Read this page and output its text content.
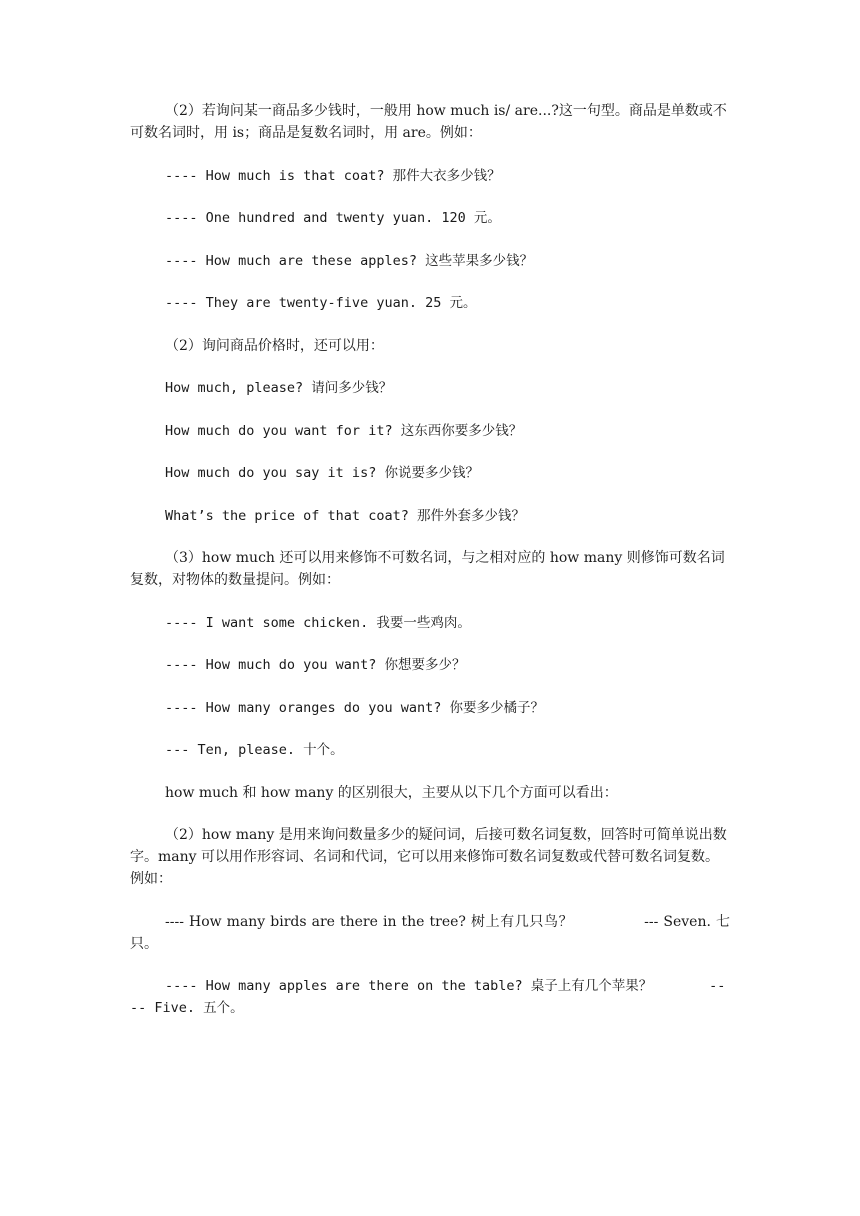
（2）若询问某一商品多少钱时，一般用 how much is/ are...?这一句型。商品是单数或不可数名词时，用 is；商品是复数名词时，用 are。例如：

---- How much is that coat? 那件大衣多少钱？

---- One hundred and twenty yuan. 120 元。

---- How much are these apples? 这些苹果多少钱？

---- They are twenty-five yuan. 25 元。

（2）询问商品价格时，还可以用：

How much, please? 请问多少钱？

How much do you want for it? 这东西你要多少钱？

How much do you say it is? 你说要多少钱？

What’s the price of that coat? 那件外套多少钱？

（3）how much 还可以用来修饰不可数名词，与之相对应的 how many 则修饰可数名词复数，对物体的数量提问。例如：

---- I want some chicken. 我要一些鸡肉。

---- How much do you want? 你想要多少？

---- How many oranges do you want? 你要多少橘子？

--- Ten, please. 十个。

how much 和 how many 的区别很大，主要从以下几个方面可以看出：

（2）how many 是用来询问数量多少的疑问词，后接可数名词复数，回答时可简单说出数字。many 可以用作形容词、名词和代词，它可以用来修饰可数名词复数或代替可数名词复数。例如：

---- How many birds are there in the tree? 树上有几只鸟？              --- Seven. 七只。

---- How many apples are there on the table? 桌子上有几个苹果？       ---- Five. 五个。
